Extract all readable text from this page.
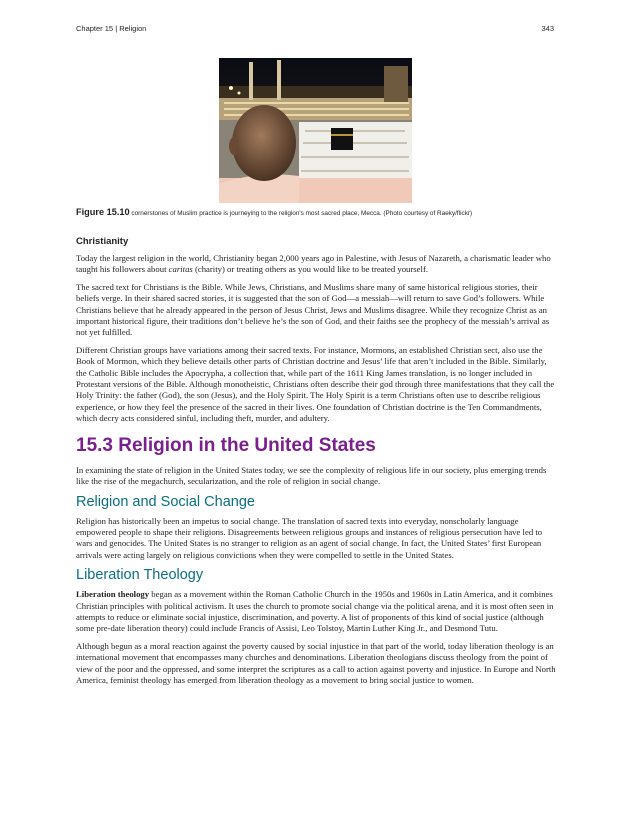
Chapter 15 | Religion	343
Figure 15.10 cornerstones of Muslim practice is journeying to the religion's most sacred place, Mecca. (Photo courtesy of Raeky/flickr)
Christianity

Today the largest religion in the world, Christianity began 2,000 years ago in Palestine, with Jesus of Nazareth, a charismatic leader who taught his followers about caritas (charity) or treating others as you would like to be treated yourself.

The sacred text for Christians is the Bible. While Jews, Christians, and Muslims share many of same historical religious stories, their beliefs verge. In their shared sacred stories, it is suggested that the son of God—a messiah—will return to save God’s followers. While Christians believe that he already appeared in the person of Jesus Christ, Jews and Muslims disagree. While they recognize Christ as an important historical figure, their traditions don’t believe he’s the son of God, and their faiths see the prophecy of the messiah’s arrival as not yet fulfilled.

Different Christian groups have variations among their sacred texts. For instance, Mormons, an established Christian sect, also use the Book of Mormon, which they believe details other parts of Christian doctrine and Jesus’ life that aren’t included in the Bible. Similarly, the Catholic Bible includes the Apocrypha, a collection that, while part of the 1611 King James translation, is no longer included in Protestant versions of the Bible. Although monotheistic, Christians often describe their god through three manifestations that they call the Holy Trinity: the father (God), the son (Jesus), and the Holy Spirit. The Holy Spirit is a term Christians often use to describe religious experience, or how they feel the presence of the sacred in their lives. One foundation of Christian doctrine is the Ten Commandments, which decry acts considered sinful, including theft, murder, and adultery.

15.3 Religion in the United States

In examining the state of religion in the United States today, we see the complexity of religious life in our society, plus emerging trends like the rise of the megachurch, secularization, and the role of religion in social change.

Religion and Social Change

Religion has historically been an impetus to social change. The translation of sacred texts into everyday, nonscholarly language empowered people to shape their religions. Disagreements between religious groups and instances of religious persecution have led to wars and genocides. The United States is no stranger to religion as an agent of social change. In fact, the United States’ first European arrivals were acting largely on religious convictions when they were compelled to settle in the United States.

Liberation Theology

Liberation theology began as a movement within the Roman Catholic Church in the 1950s and 1960s in Latin America, and it combines Christian principles with political activism. It uses the church to promote social change via the political arena, and it is most often seen in attempts to reduce or eliminate social injustice, discrimination, and poverty. A list of proponents of this kind of social justice (although some pre-date liberation theory) could include Francis of Assisi, Leo Tolstoy, Martin Luther King Jr., and Desmond Tutu.

Although begun as a moral reaction against the poverty caused by social injustice in that part of the world, today liberation theology is an international movement that encompasses many churches and denominations. Liberation theologians discuss theology from the point of view of the poor and the oppressed, and some interpret the scriptures as a call to action against poverty and injustice. In Europe and North America, feminist theology has emerged from liberation theology as a movement to bring social justice to women.
